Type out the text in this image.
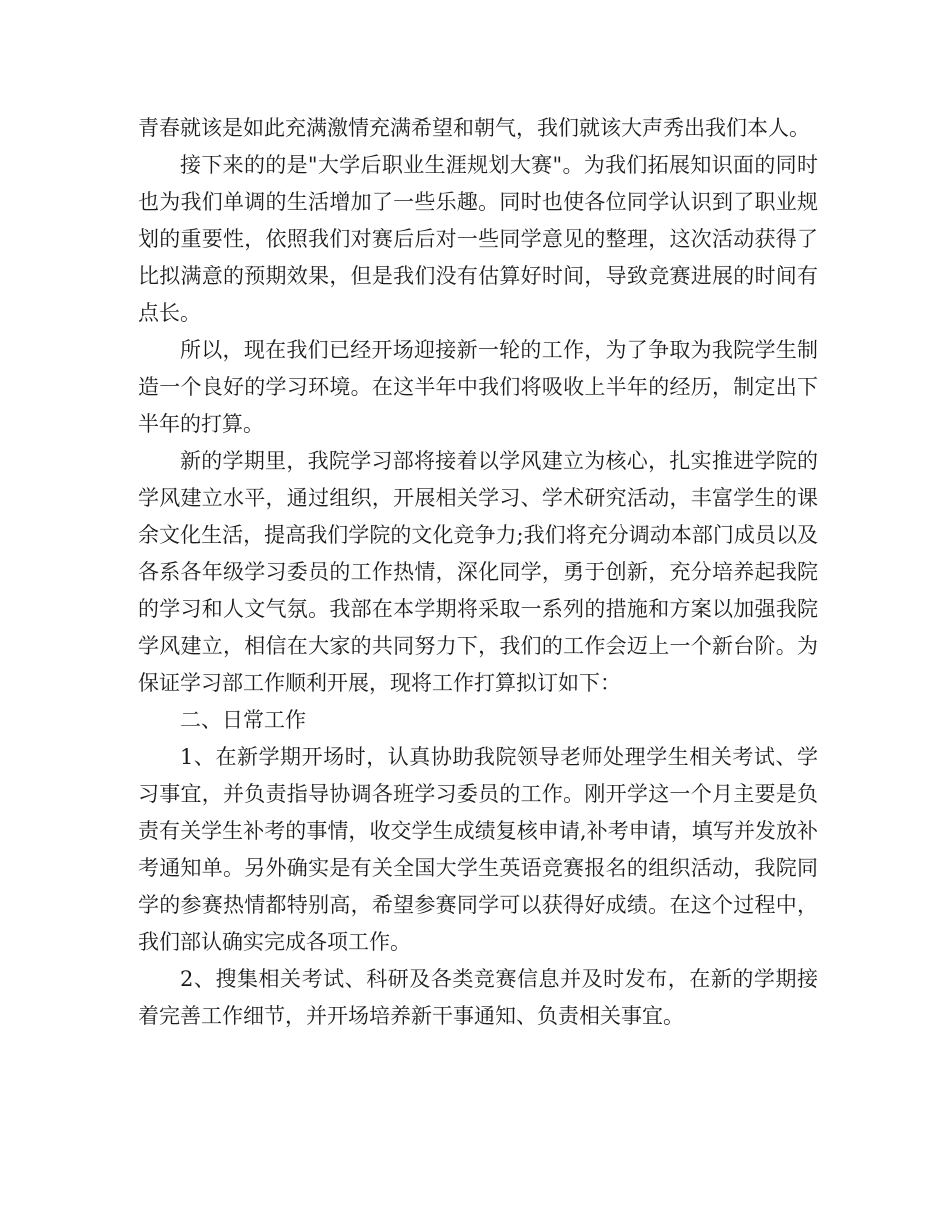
青春就该是如此充满激情充满希望和朝气，我们就该大声秀出我们本人。

接下来的的是"大学后职业生涯规划大赛"。为我们拓展知识面的同时也为我们单调的生活增加了一些乐趣。同时也使各位同学认识到了职业规划的重要性，依照我们对赛后后对一些同学意见的整理，这次活动获得了比拟满意的预期效果，但是我们没有估算好时间，导致竞赛进展的时间有点长。

所以，现在我们已经开场迎接新一轮的工作，为了争取为我院学生制造一个良好的学习环境。在这半年中我们将吸收上半年的经历，制定出下半年的打算。

新的学期里，我院学习部将接着以学风建立为核心，扎实推进学院的学风建立水平，通过组织，开展相关学习、学术研究活动，丰富学生的课余文化生活，提高我们学院的文化竞争力;我们将充分调动本部门成员以及各系各年级学习委员的工作热情，深化同学，勇于创新，充分培养起我院的学习和人文气氛。我部在本学期将采取一系列的措施和方案以加强我院学风建立，相信在大家的共同努力下，我们的工作会迈上一个新台阶。为保证学习部工作顺利开展，现将工作打算拟订如下：

二、日常工作

1、在新学期开场时，认真协助我院领导老师处理学生相关考试、学习事宜，并负责指导协调各班学习委员的工作。刚开学这一个月主要是负责有关学生补考的事情，收交学生成绩复核申请,补考申请，填写并发放补考通知单。另外确实是有关全国大学生英语竞赛报名的组织活动，我院同学的参赛热情都特别高，希望参赛同学可以获得好成绩。在这个过程中，我们部认确实完成各项工作。

2、搜集相关考试、科研及各类竞赛信息并及时发布，在新的学期接着完善工作细节，并开场培养新干事通知、负责相关事宜。
